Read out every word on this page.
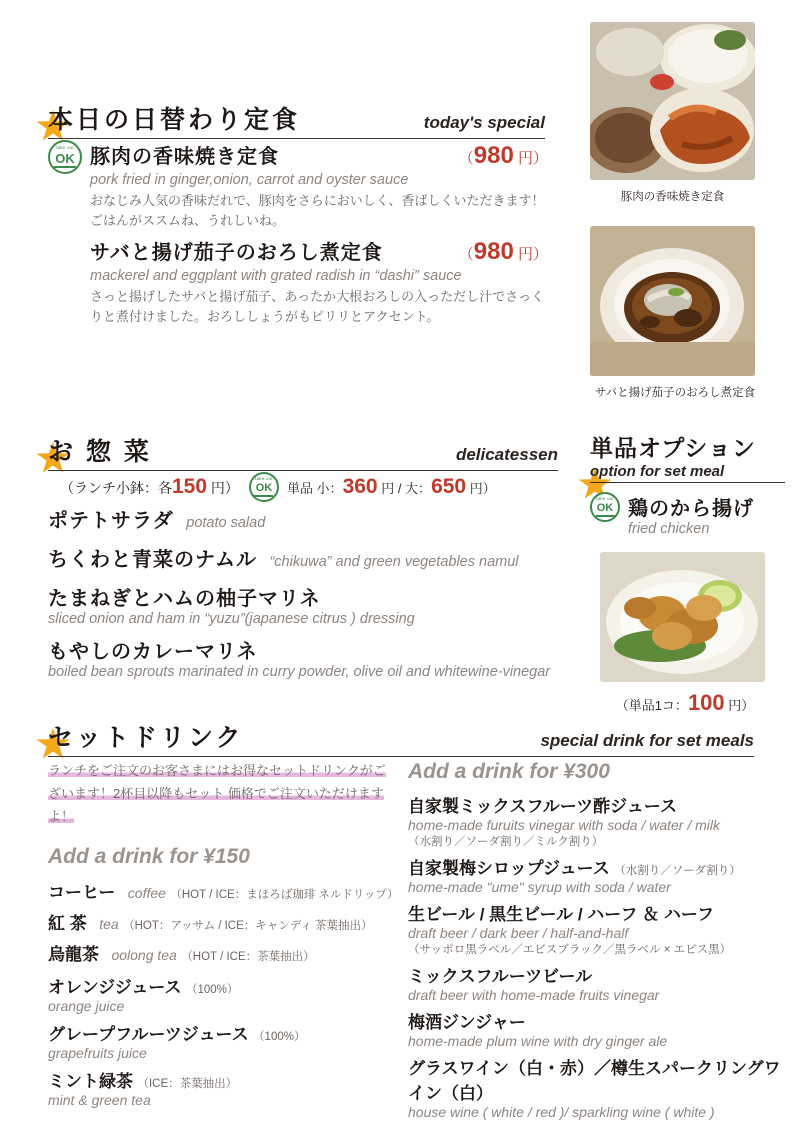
本日の日替わり定食	today's special
take out
OK 豚肉の香味焼き定食	（980 円）
pork fried in ginger,onion, carrot and oyster sauce
おなじみ人気の香味だれで、豚肉をさらにおいしく、香ばしくいただきます！ ごはんがススムね、うれしいね。
サバと揚げ茄子のおろし煮定食	（980 円）
mackerel and eggplant with grated radish in “dashi” sauce
さっと揚げしたサバと揚げ茄子、あったか大根おろしの入っただし汁でさっくりと煮付けました。おろししょうがもピリリとアクセント。
豚肉の香味焼き定食
サバと揚げ茄子のおろし煮定食
お 惣 菜	delicatessen
（ランチ小鉢：各150 円）
take out
OK 単品 小：360 円 / 大：650 円）
ポテトサラダ potato salad
ちくわと青菜のナムル “chikuwa” and green vegetables namul
たまねぎとハムの柚子マリネ
sliced onion and ham in “yuzu”(japanese citrus ) dressing
もやしのカレーマリネ
boiled bean sprouts marinated in curry powder, olive oil and whitewine-vinegar
単品オプション
option for set meal
take out
OK 鶏のから揚げ
fried chicken
（単品1コ：100 円）
セットドリンク	special drink for set meals
ランチをご注文のお客さまにはお得なセットドリンクがございます！2杯目以降もセット 価格でご注文いただけますよ！
Add a drink for ¥150
コーヒー coffee （HOT / ICE：まほろば珈琲 ネルドリップ）
紅 茶 tea （HOT：アッサム / ICE：キャンディ 茶葉抽出）
烏龍茶 oolong tea （HOT / ICE：茶葉抽出）
オレンジジュース （100%）
orange juice
グレープフルーツジュース （100%）
grapefruits juice
ミント緑茶 （ICE：茶葉抽出）
mint & green tea
Add a drink for ¥300
自家製ミックスフルーツ酢ジュース
home-made furuits vinegar with soda / water / milk
（水割り／ソーダ割り／ミルク割り）
自家製梅シロップジュース （水割り／ソーダ割り）
home-made "ume" syrup with soda / water
生ビール / 黒生ビール / ハーフ ＆ ハーフ
draft beer / dark beer / half-and-half
（サッポロ黒ラベル／エビスブラック／黒ラベル × エビス黒）
ミックスフルーツビール
draft beer with home-made fruits vinegar
梅酒ジンジャー
home-made plum wine with dry ginger ale
グラスワイン（白・赤）／樽生スパークリングワイン（白）
house wine ( white / red )/ sparkling wine ( white )
